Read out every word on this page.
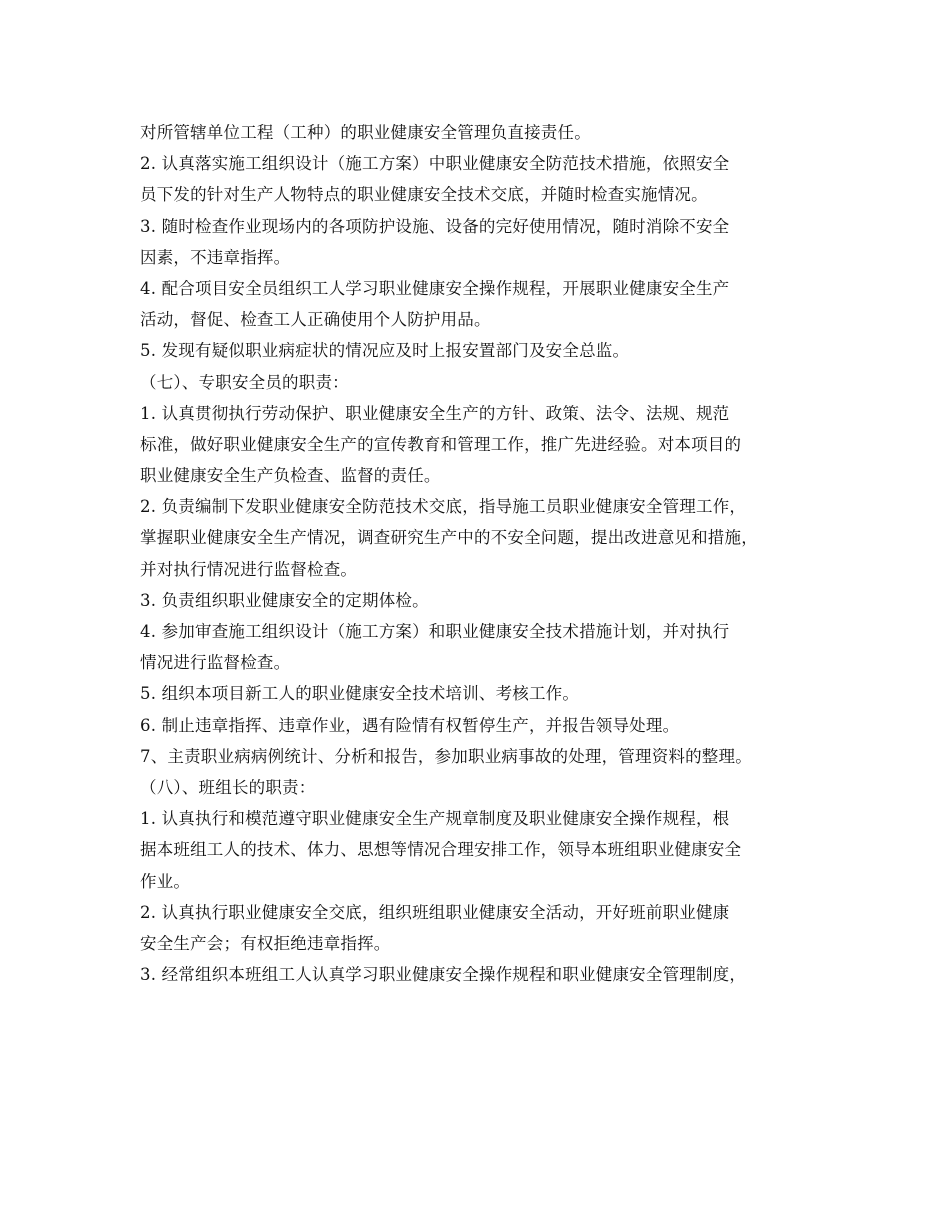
对所管辖单位工程（工种）的职业健康安全管理负直接责任。
2. 认真落实施工组织设计（施工方案）中职业健康安全防范技术措施，依照安全
员下发的针对生产人物特点的职业健康安全技术交底，并随时检查实施情况。
3. 随时检查作业现场内的各项防护设施、设备的完好使用情况，随时消除不安全
因素，不违章指挥。
4. 配合项目安全员组织工人学习职业健康安全操作规程，开展职业健康安全生产
活动，督促、检查工人正确使用个人防护用品。
5. 发现有疑似职业病症状的情况应及时上报安置部门及安全总监。
（七）、专职安全员的职责：
1. 认真贯彻执行劳动保护、职业健康安全生产的方针、政策、法令、法规、规范
标准，做好职业健康安全生产的宣传教育和管理工作，推广先进经验。对本项目的
职业健康安全生产负检查、监督的责任。
2. 负责编制下发职业健康安全防范技术交底，指导施工员职业健康安全管理工作，
掌握职业健康安全生产情况，调查研究生产中的不安全问题，提出改进意见和措施，
并对执行情况进行监督检查。
3. 负责组织职业健康安全的定期体检。
4. 参加审查施工组织设计（施工方案）和职业健康安全技术措施计划，并对执行
情况进行监督检查。
5. 组织本项目新工人的职业健康安全技术培训、考核工作。
6. 制止违章指挥、违章作业，遇有险情有权暂停生产，并报告领导处理。
7、主责职业病病例统计、分析和报告，参加职业病事故的处理，管理资料的整理。
（八）、班组长的职责：
1. 认真执行和模范遵守职业健康安全生产规章制度及职业健康安全操作规程，根
据本班组工人的技术、体力、思想等情况合理安排工作，领导本班组职业健康安全
作业。
2. 认真执行职业健康安全交底，组织班组职业健康安全活动，开好班前职业健康
安全生产会；有权拒绝违章指挥。
3. 经常组织本班组工人认真学习职业健康安全操作规程和职业健康安全管理制度，
